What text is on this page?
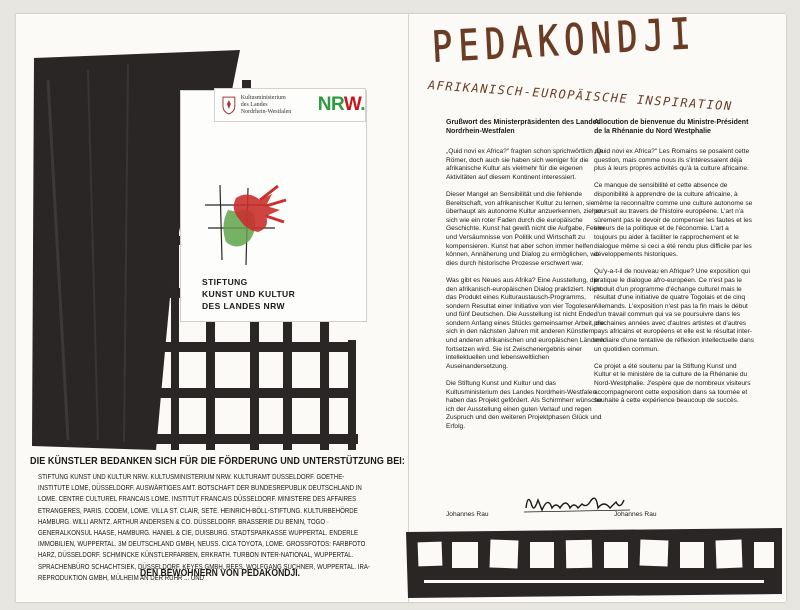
Kultusministerium
des Landes
Nordrhein-Westfalen	NRW.
STIFTUNG
KUNST UND KULTUR
DES LANDES NRW
DIE KÜNSTLER BEDANKEN SICH FÜR DIE FÖRDERUNG UND UNTERSTÜTZUNG BEI:
STIFTUNG KUNST UND KULTUR NRW. KULTUSMINISTERIUM NRW. KULTURAMT DÜSSELDORF. GOETHE-INSTITUTE LOME, DÜSSELDORF. AUSWÄRTIGES AMT. BOTSCHAFT DER BUNDESREPUBLIK DEUTSCHLAND IN LOME. CENTRE CULTUREL FRANCAIS LOME. INSTITUT FRANCAIS DÜSSELDORF. MINISTERE DES AFFAIRES ETRANGERES, PARIS. CODEM, LOME. VILLA ST. CLAIR, SETE. HEINRICH-BÖLL-STIFTUNG. KULTURBEHÖRDE HAMBURG. WILLI ARNTZ. ARTHUR ANDERSEN & CO. DÜSSELDORF. BRASSERIE DU BENIN, TOGO · GENERALKONSUL HAASE, HAMBURG. HANIEL & CIE, DUISBURG. STADTSPARKASSE WUPPERTAL. ENDERLE IMMOBILIEN, WUPPERTAL. 3M DEUTSCHLAND GMBH, NEUSS. CICA TOYOTA, LOME. GROSSFOTOS: FARBFOTO HARZ, DÜSSELDORF. SCHMINCKE KÜNSTLERFARBEN, ERKRATH. TURBON INTER-NATIONAL, WUPPERTAL. SPRACHENBÜRO SCHACHTSIEK, DÜSSELDORF. KEYES GMBH, REES. WOLFGANG SUCHNER, WUPPERTAL. IRA-REPRODUKTION GMBH, MÜLHEIM AN DER RUHR ... UND
DEN BEWOHNERN VON PEDAKONDJI.
PEDAKONDJI
AFRIKANISCH-EUROPÄISCHE INSPIRATION
Grußwort des Ministerpräsidenten des Landes Nordrhein-Westfalen

„Quid novi ex Africa?" fragten schon sprichwörtlich die Römer, doch auch sie haben sich weniger für die afrikanische Kultur als vielmehr für die eigenen Aktivitäten auf diesem Kontinent interessiert.

Dieser Mangel an Sensibilität und die fehlende Bereitschaft, von afrikanischer Kultur zu lernen, sie überhaupt als autonome Kultur anzuerkennen, ziehen sich wie ein roter Faden durch die europäische Geschichte. Kunst hat gewiß nicht die Aufgabe, Fehler und Versäumnisse von Politik und Wirtschaft zu kompensieren. Kunst hat aber schon immer helfen können, Annäherung und Dialog zu ermöglichen, wo dies durch historische Prozesse erschwert war.

Was gibt es Neues aus Afrika? Eine Ausstellung, die den afrikanisch-europäischen Dialog praktiziert. Nicht das Produkt eines Kulturaustausch-Programms, sondern Resultat einer Initiative von vier Togolesen und fünf Deutschen. Die Ausstellung ist nicht Ende, sondern Anfang eines Stücks gemeinsamer Arbeit, die sich in den nächsten Jahren mit anderen Künstlern und anderen afrikanischen und europäischen Ländern fortsetzen wird. Sie ist Zwischenergebnis einer intellektuellen und lebensweltlichen Auseinandersetzung.

Die Stiftung Kunst und Kultur und das Kultusministerium des Landes Nordrhein-Westfalen haben das Projekt gefördert. Als Schirmherr wünsche ich der Ausstellung einen guten Verlauf und regen Zuspruch und den weiteren Projektphasen Glück und Erfolg.

Allocution de bienvenue du Ministre-Président de la Rhénanie du Nord Westphalie

„Quid novi ex Africa?" Les Romains se posaient cette question, mais comme nous ils s'intéressaient déjà plus à leurs propres activités qu'à la culture africaine.

Ce manque de sensibilité et cette absence de disponibilité à apprendre de la culture africaine, à même la reconnaître comme une culture autonome se poursuit au travers de l'histoire européene. L'art n'a sûrement pas le devoir de compenser les fautes et les erreurs de la politique et de l'économie. L'art a toujours pu aider à faciliter le rapprochement et le dialogue même si ceci a été rendu plus difficile par les développements historiques.

Qu'y-a-t-il de nouveau en Afrique? Une exposition qui pratique le dialogue afro-européen. Ce n'est pas le produit d'un programme d'échange culturel mais le résultat d'une initiative de quatre Togolais et de cinq Allemands. L'exposition n'est pas la fin mais le début d'un travail commun qui va se poursuivre dans les prochaines années avec d'autres artistes et d'autres pays africains et européens et elle est le résultat inter-médiaire d'une tentative de réflexion intellectuelle dans un quotidien commun.

Ce projet a été soutenu par la Stiftung Kunst und Kultur et le ministère de la culture de la Rhénanie du Nord-Westphalie. J'espère que de nombreux visiteurs accompagneront cette exposition dans sa tournée et souhaite à cette expérience beaucoup de succès.

Johannes Rau	Johannes Rau
